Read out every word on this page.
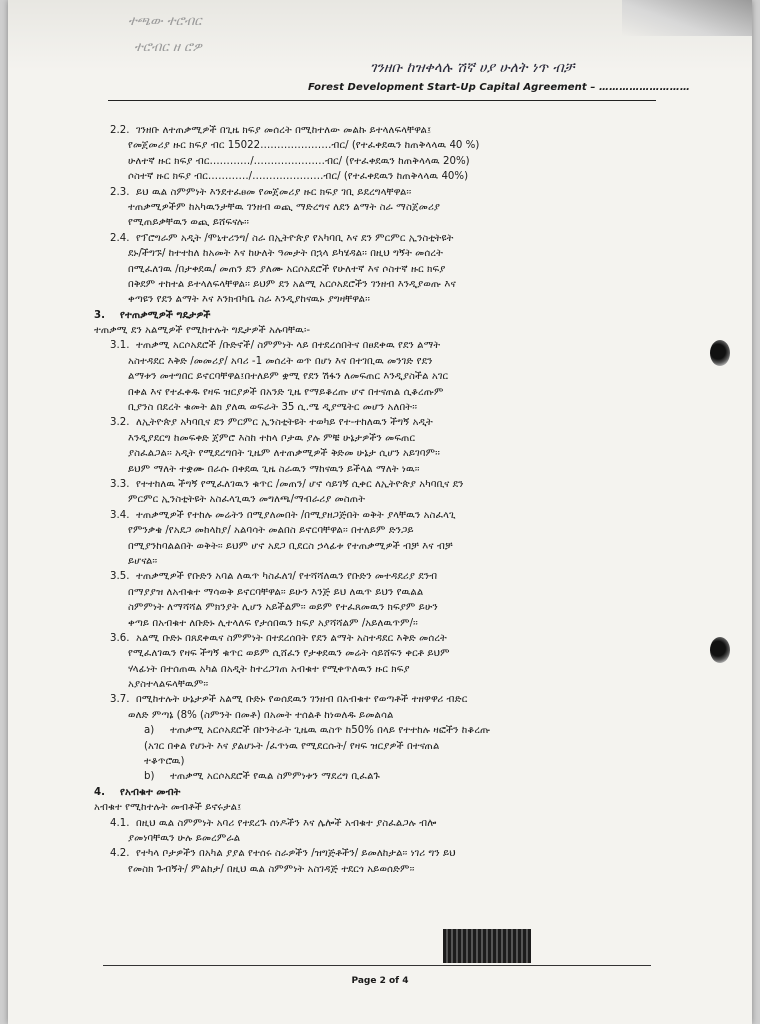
ተጫው ተሮብር
ተሮብር ዘ ሮዎ
ገንዘቡ ከዝቀላሉ ሽኛ ሀያ ሁለት ነጥ ብቻ
Forest Development Start-Up Capital Agreement – ………………………
2.2. ገንዘቡ ለተጠቃሚዎች በጊዜ ክፍያ መሰረት በሚከተለው መልኩ ይተላለፍላቸዋል፤
የመጀመሪያ ዙር ክፍያ ብር 15022…………………ብር/ (የተፈቀደዉን ከጠቅላላዉ 40 %)
ሁለተኛ ዙር ክፍያ ብር…………/…………………ብር/ (የተፈቀደዉን ከጠቅላላዉ 20%)
ሶስተኛ ዙር ክፍያ ብር…………/…………………ብር/ (የተፈቀደዉን ከጠቅላላዉ 40%)
2.3. ይህ ዉል ስምምነት እንደተፈፀመ የመጀመሪያ ዙር ክፍያ ገቢ ይደረግላቸዋል፡፡
ተጠቃሚዎችም ከአካዉንታቸዉ ገንዘብ ወጪ ማድረግና ለደን ልማት ስራ ማስጀመሪያ
የሚጠይቃቸዉን ወጪ ይሸፍናሉ፡፡
2.4. የፕሮግራም አዲት /ሞኒተሪንግ/ ስራ በኢትዮጵያ የአካባቢ እና ደን ምርምር ኢንስቲትዩት
ደኑ/ችግኙ/ ከተተከለ ከአመት እና ከሁለት ዓመታት በኋላ ይካሄዳል፡፡ በዚህ ግኝት መሰረት
በሚፈለገዉ /በታቀደዉ/ መጠን ደን ያለሙ አርሶአደሮች የሁለተኛ እና ሶስተኛ ዙር ክፍያ
በቅደም ተከተል ይተላለፍላቸዋል፡፡ ይህም ደን አልሚ አርሶአደሮችን ገንዘብ እንዲያወጡ እና
ቀጣዩን የደን ልማት እና እንክብካቤ ስራ እንዲያከናዉኑ ያግዛቸዋል፡፡
3. የተጠቃሚዎች ግዴታዎች
ተጠቃሚ ደን አልሚዎች የሚከተሉት ግዴታዎች አሉባቸዉ፡-
3.1. ተጠቃሚ አርሶአደሮች /ቡድኖች/ ስምምነት ላይ በተደረሰበትና በፀደቀዉ የደን ልማት
አስተዳደር እቅድ /መመሪያ/ አባሪ -1 መሰረት ወጥ በሆነ እና በተገቢዉ መንገድ የደን
ልማቱን መተግበር ይኖርባቸዋል፤በተለይም ቋሚ የደን ሽፋን ለመፍጠር እንዲያስችል አገር
በቀል እና የተፈቀዱ የዛፍ ዝርያዎች በአንድ ጊዜ የማይቆረጡ ሆኖ በተናጠል ሲቆረጡም
ቢያንስ በደረት ቁመት ልክ ያለዉ ወፍራት 35 ሲ.ሜ ዲያሜትር መሆን አለበት፡፡
3.2. ለኢትዮጵያ አካባቢና ደን ምርምር ኢንስቲትዩት ተወካይ የተ-ተከለዉን ችግኝ አዲት
እንዲያደርግ ከመፍቀድ ጀምሮ እስከ ተከላ ቦታዉ ያሉ ምቹ ሁኔታዎችን መፍጠር
ያስፈልጋል፡፡ አዲት የሚደረግበት ጊዜም ለተጠቃሚዎች ቅድመ ሁኔታ ሲሆን አይገባም፡፡
ይህም ማለት ተቋሙ በራሱ በቀደዉ ጊዜ ስራዉን ማከናዉን ይችላል ማለት ነዉ፡፡
3.3. የተተከለዉ ችግኝ የሚፈለገዉን ቁጥር /መጠን/ ሆኖ ሳይገኝ ሲቀር ለኢትዮጵያ አካባቢና ደን
ምርምር ኢንስቲትዩት አስፈላጊዉን መግለጫ/ማብራሪያ መስጠት
3.4. ተጠቃሚዎች የተከሉ መሬትን በሚያለመበት /በሚያዘጋጅበት ወቅት ያላቸዉን አስፈላጊ
የምንቃቄ /የአደጋ መከላከያ/ አልባሳት መልበስ ይኖርባቸዋል፡፡ በተለይም ድንጋይ
በሚያንከባልልበት ወቅት፡፡ ይህም ሆኖ አደጋ ቢደርስ ኃላፊቱ የተጠቃሚዎች ብቻ እና ብቻ
ይሆናል፡፡
3.5. ተጠቃሚዎች የቡድን አባል ለዉጥ ካስፈለገ/ የተሻሻለዉን የቡድን መተዳደሪያ ደንብ
በማያያዝ ለአብቁተ ማሳወቅ ይኖርባቸዋል፡፡ ይሁን እንጅ ይህ ለዉጥ ይህን የዉልል
ስምምነት ለማሻሻል ምክንያት ሊሆን አይችልም፡፡ ወይም የተፈጸመዉን ክፍያም ይሁን
ቀጣይ በአብቁተ ለቡድኑ ሊተላለፍ የታሰበዉን ክፍያ አያሻሻልም /አይለዉጥም/፡፡
3.6. አልሚ ቡድኑ በጸደቀዉና ስምምነት በተደረሰበት የደን ልማት አስተዳደር እቅድ መሰረት
የሚፈለገዉን የዛፍ ችግኝ ቁጥር ወይም ሲሸፈን የታቀደዉን መሬት ሳይሸፍን ቀርቶ ይህም
ሃላፊነት በተሰጠዉ አካል በአዲት ከተረጋገጠ አብቁተ የሚቀጥለዉን ዙር ክፍያ
አያስተላልፍላቸዉም፡፡
3.7. በሚከተሉት ሁኔታዎች አልሚ ቡድኑ የወሰደዉን ገንዘብ በአብቁተ የወጣቶች ተዘዋዋሪ ብድር
ወለድ ምጣኔ (8% (ስምንት በመቶ) በአመት ተሰልቶ ከነወለዱ ይመልሳል
a) ተጠቃሚ አርሶአደሮች በኮንትራት ጊዜዉ ዉስጥ ከ50% በላይ የተተከሉ ዛፎችን ከቆረጡ
(አገር በቀል የሆኑት እና ያልሆኑት /ፈጥነዉ የሚደርሱት/ የዛፍ ዝርያዎች በተናጠል
ተቆጥሮዉ)
b) ተጠቃሚ አርሶአደሮች የዉል ስምምነቱን ማደረግ ቢፈልጉ
4. የአብቁተ መብት
አብቁተ የሚከተሉት መብቶች ይኖሩታል፤
4.1. በዚህ ዉል ስምምነት አባሪ የተደረጉ ሰነዶችን እና ሌሎች አብቁተ ያስፈልጋሉ ብሎ
ያመነባቸዉን ሁሉ ይመረምራል
4.2. የተካላ ቦታዎችን በአካል ያያል የተሰሩ ስራዎችን /ዝግጅቶችን/ ይመለከታል፡፡ ነገሪ ግን ይህ
የመስክ ጉብኝት/ ምልከታ/ በዚህ ዉል ስምምነት አስገዳጅ ተደርጎ አይወሰድም፡፡
Page 2 of 4
